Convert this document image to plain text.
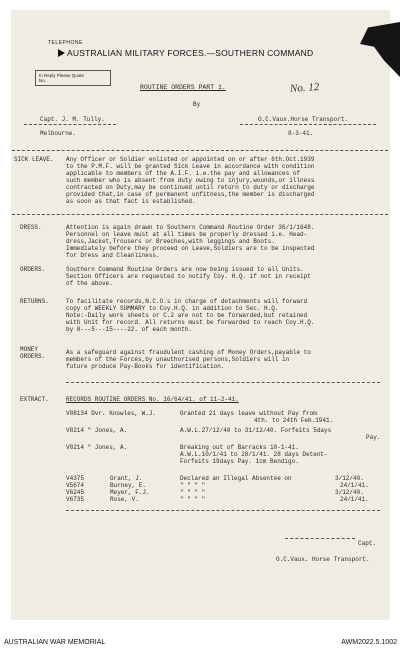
TELEPHONE
AUSTRALIAN MILITARY FORCES.—SOUTHERN COMMAND
In Reply Please Quote
No.
ROUTINE ORDERS PART 1.	No. 12
By
Capt. J. M. Tully.	O.C.Vaux.Horse Transport.
Melbourne.	8-3-41.
SICK LEAVE. Any Officer or Soldier enlisted or appointed on or after 6th.Oct.1939
to the P.M.F. will be granted Sick Leave in accordance with condition
applicable to members of the A.I.F. i.e.the pay and allowances of
such member who is absent from duty owing to injury,wounds,or illness
contracted on Duty,may be continued until return to duty or discharge
provided that,in case of permanent unfitness,the member is discharged
as soon as that fact is established.
DRESS.	Attention is again drawn to Southern Command Routine Order 36/1/1648.
Personnel on leave must at all times be properly dressed i.e. Head-
dress,Jacket,Trousers or Breeches,with leggings and Boots.
Immediately before they proceed on Leave,Soldiers are to be inspected
for Dress and Cleanliness.
ORDERS.	Southern Command Routine Orders are now being issued to all Units.
Section Officers are requested to notify Coy. H.Q. if not in receipt
of the above.
RETURNS.	To facilitate records,N.C.O.s in charge of detachments will forward
copy of WEEKLY SUMMARY to Coy.H.Q. in addition to Sec. H.Q.
Note:-Daily work sheets or C.2 are not to be forwarded,but retained
with Unit for record. All returns must be forwarded to reach Coy.H.Q.
by 8---5---15----22. of each month.
MONEY ORDERS.
As a safeguard against fraudulent cashing of Money Orders,payable to
members of the Forces,by unauthorised persons,Soldiers will in
future produce Pay-Books for identification.
EXTRACT.	RECORDS ROUTINE ORDERS No. 16/64/41. of 11-2-41.
V88134 Dvr. Knowles, W.J.	Granted 21 days leave without Pay from
4th. to 24th Feb.1941.
V8214 " Jones, A.	A.W.L.27/12/40 to 31/12/40. Forfeits 5days
Pay.
V8214 " Jones, A.	Breaking out of Barracks 10-1-41.
A.W.L.10/1/41 to 28/1/41. 28 days Detent-
Forfeits 19days Pay. 1cm Bendigo.
V4375	Grant, J.	Declared an Illegal Absentee on	3/12/40.
V5674	Burney, E.	" " " "	24/1/41.
V6245	Meyer, F.J.	" " " "	3/12/40.
V6735	Rose, V.	" " " "	24/1/41.
Capt.
O.C.Vaux. Horse Transport.
AUSTRALIAN WAR MEMORIAL	AWM2022.5.1002
